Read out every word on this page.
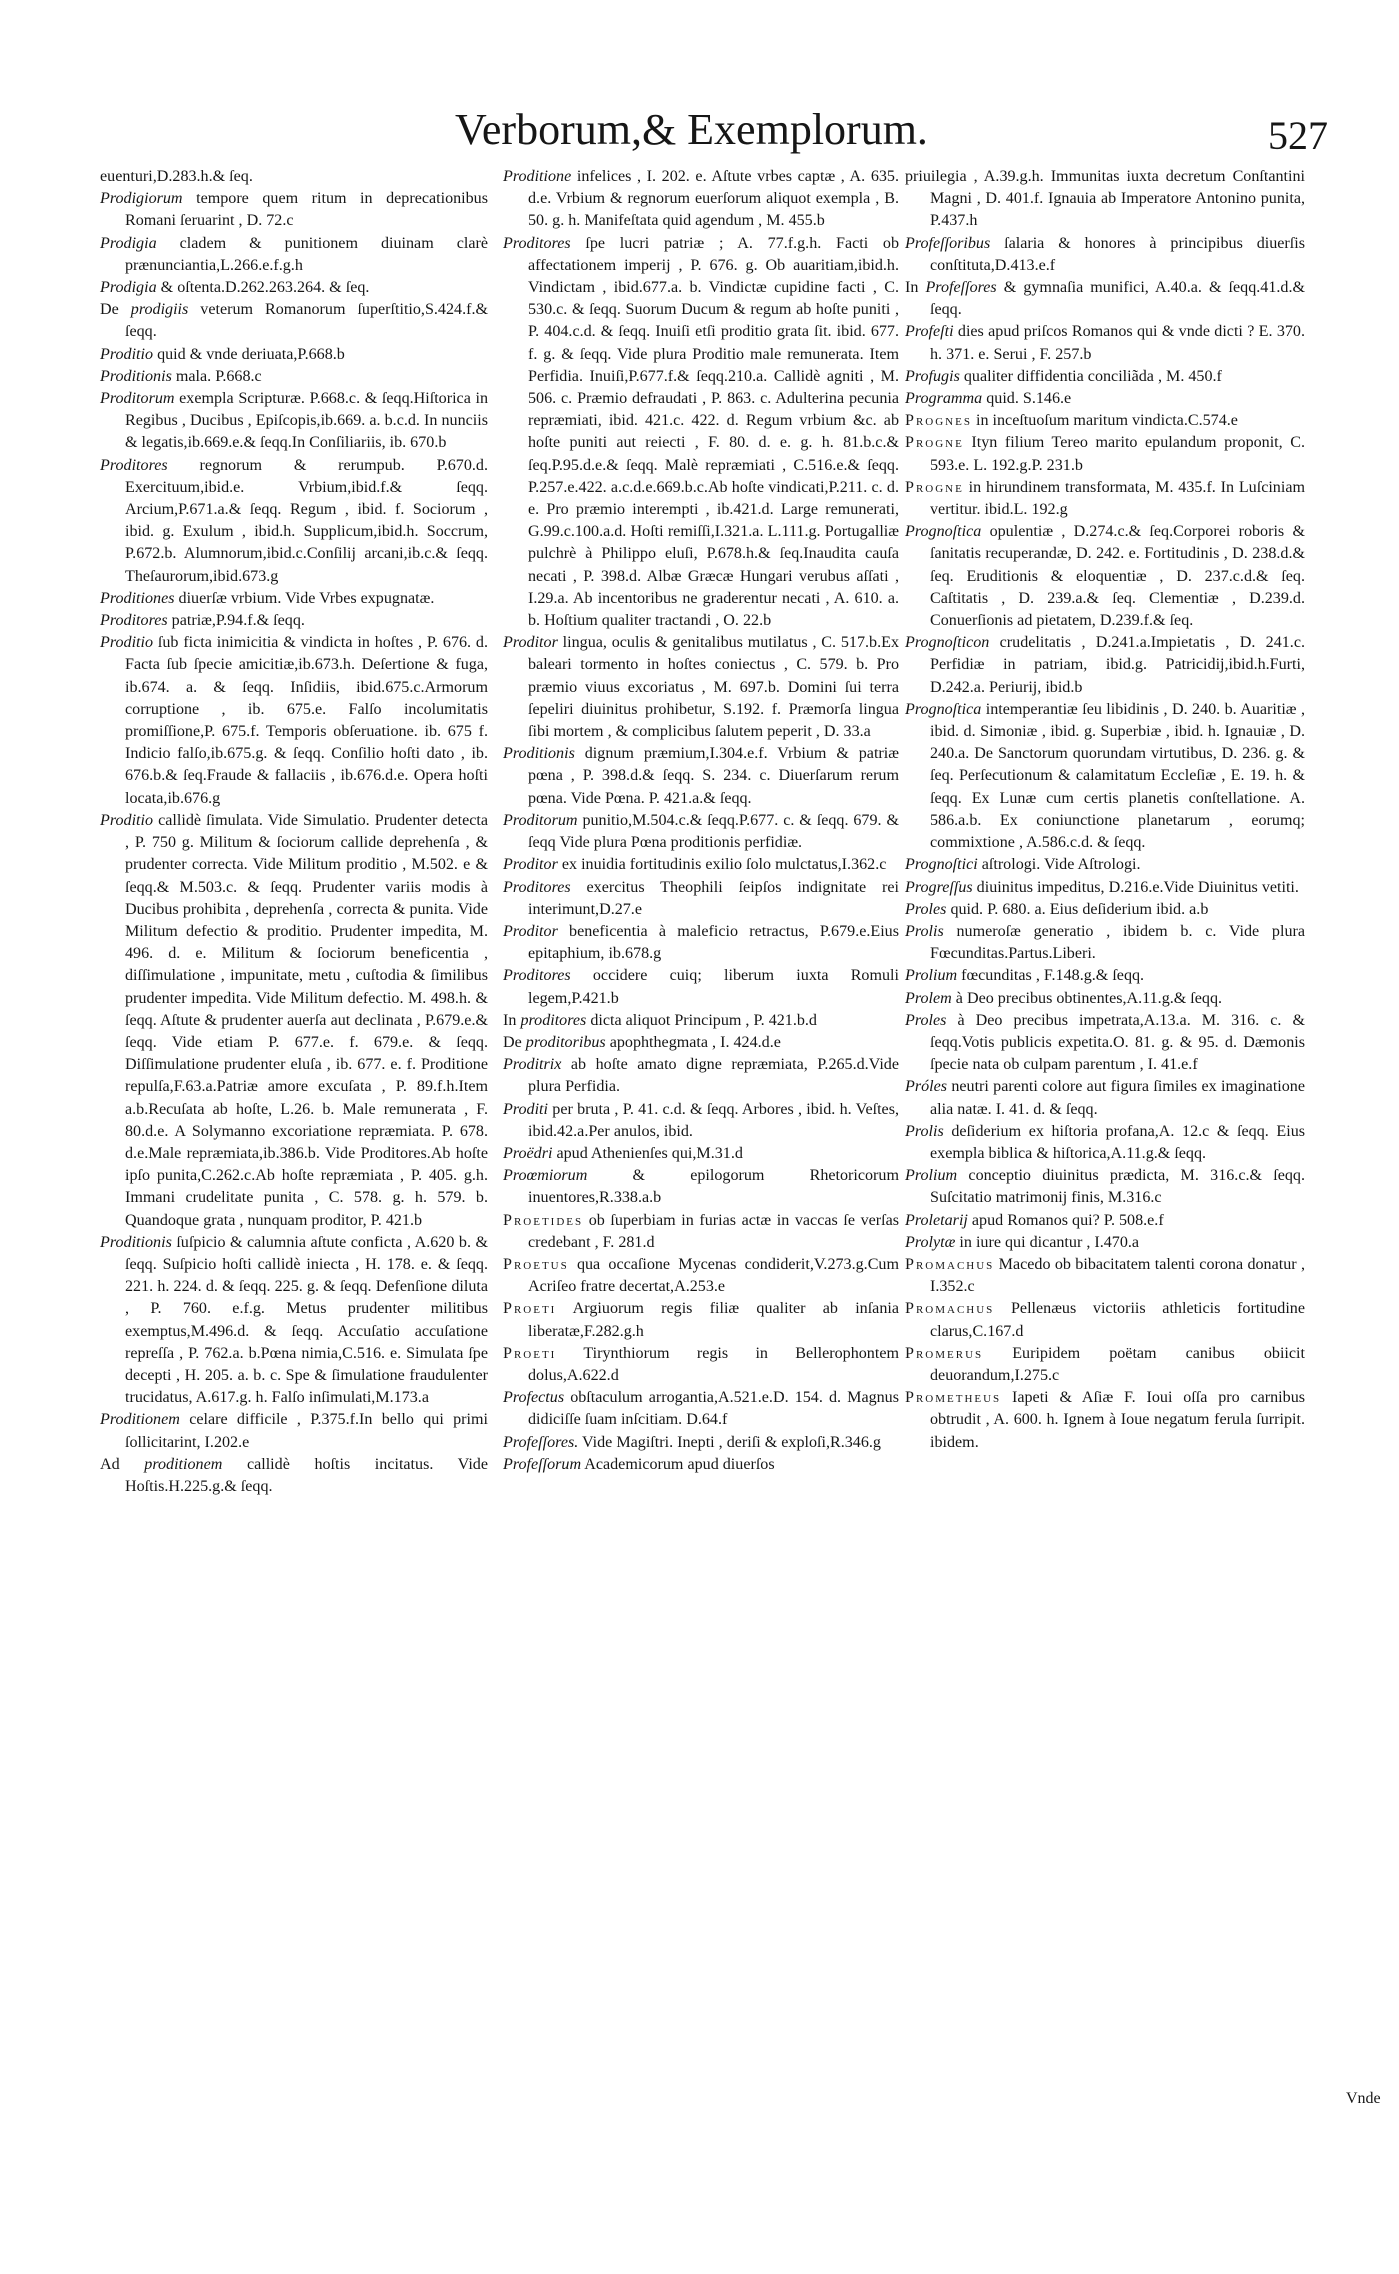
Verborum,& Exemplorum.	527

euenturi,D.283.h.& ſeq.

Prodigiorum tempore quem ritum in deprecationibus Romani ſeruarint , D. 72.c

Prodigia cladem & punitionem diuinam clarè prænunciantia,L.266.e.f.g.h

Prodigia & oſtenta.D.262.263.264. & ſeq.

De prodigiis veterum Romanorum ſuperſtitio,S.424.f.& ſeqq.

Proditio quid & vnde deriuata,P.668.b

Proditionis mala. P.668.c

Proditorum exempla Scripturæ. P.668.c. & ſeqq.Hiſtorica in Regibus , Ducibus , Epiſcopis,ib.669. a. b.c.d. In nunciis & legatis,ib.669.e.& ſeqq.In Conſiliariis, ib. 670.b

Proditores regnorum & rerumpub. P.670.d. Exercituum,ibid.e. Vrbium,ibid.f.& ſeqq. Arcium,P.671.a.& ſeqq. Regum , ibid. f. Sociorum , ibid. g. Exulum , ibid.h. Supplicum,ibid.h. Soccrum, P.672.b. Alumnorum,ibid.c.Conſilij arcani,ib.c.& ſeqq. Theſaurorum,ibid.673.g

Proditiones diuerſæ vrbium. Vide Vrbes expugnatæ.

Proditores patriæ,P.94.f.& ſeqq.

Proditio ſub ficta inimicitia & vindicta in hoſtes , P. 676. d. Facta ſub ſpecie amicitiæ,ib.673.h. Deſertione & fuga, ib.674. a. & ſeqq. Inſidiis, ibid.675.c.Armorum corruptione , ib. 675.e. Falſo incolumitatis promiſſione,P. 675.f. Temporis obſeruatione. ib. 675 f. Indicio falſo,ib.675.g. & ſeqq. Conſilio hoſti dato , ib. 676.b.& ſeq.Fraude & fallaciis , ib.676.d.e. Opera hoſti locata,ib.676.g

Proditio callidè ſimulata. Vide Simulatio. Prudenter detecta , P. 750 g. Militum & ſociorum callide deprehenſa , & prudenter correcta. Vide Militum proditio , M.502. e & ſeqq.& M.503.c. & ſeqq. Prudenter variis modis à Ducibus prohibita , deprehenſa , correcta & punita. Vide Militum defectio & proditio. Prudenter impedita, M. 496. d. e. Militum & ſociorum beneficentia , diſſimulatione , impunitate, metu , cuſtodia & ſimilibus prudenter impedita. Vide Militum defectio. M. 498.h. & ſeqq. Aſtute & prudenter auerſa aut declinata , P.679.e.& ſeqq. Vide etiam P. 677.e. f. 679.e. & ſeqq. Diſſimulatione prudenter eluſa , ib. 677. e. f. Proditione repulſa,F.63.a.Patriæ amore excuſata , P. 89.f.h.Item a.b.Recuſata ab hoſte, L.26. b. Male remunerata , F. 80.d.e. A Solymanno excoriatione repræmiata. P. 678. d.e.Male repræmiata,ib.386.b. Vide Proditores.Ab hoſte ipſo punita,C.262.c.Ab hoſte repræmiata , P. 405. g.h. Immani crudelitate punita , C. 578. g. h. 579. b. Quandoque grata , nunquam proditor, P. 421.b

Proditionis ſuſpicio & calumnia aſtute conficta , A.620 b. & ſeqq. Suſpicio hoſti callidè iniecta , H. 178. e. & ſeqq. 221. h. 224. d. & ſeqq. 225. g. & ſeqq. Defenſione diluta , P. 760. e.f.g. Metus prudenter militibus exemptus,M.496.d. & ſeqq. Accuſatio accuſatione repreſſa , P. 762.a. b.Pœna nimia,C.516. e. Simulata ſpe decepti , H. 205. a. b. c. Spe & ſimulatione fraudulenter trucidatus, A.617.g. h. Falſo inſimulati,M.173.a

Proditionem celare difficile , P.375.f.In bello qui primi ſollicitarint, I.202.e

Ad proditionem callidè hoſtis incitatus. Vide Hoſtis.H.225.g.& ſeqq.

Proditione infelices , I. 202. e. Aſtute vrbes captæ , A. 635. d.e. Vrbium & regnorum euerſorum aliquot exempla , B. 50. g. h. Manifeſtata quid agendum , M. 455.b

Proditores ſpe lucri patriæ ; A. 77.f.g.h. Facti ob affectationem imperij , P. 676. g. Ob auaritiam,ibid.h. Vindictam , ibid.677.a. b. Vindictæ cupidine facti , C. 530.c. & ſeqq. Suorum Ducum & regum ab hoſte puniti , P. 404.c.d. & ſeqq. Inuiſi etſi proditio grata ſit. ibid. 677. f. g. & ſeqq. Vide plura Proditio male remunerata. Item Perfidia. Inuiſi,P.677.f.& ſeqq.210.a. Callidè agniti , M. 506. c. Præmio defraudati , P. 863. c. Adulterina pecunia repræmiati, ibid. 421.c. 422. d. Regum vrbium &c. ab hoſte puniti aut reiecti , F. 80. d. e. g. h. 81.b.c.& ſeq.P.95.d.e.& ſeqq. Malè repræmiati , C.516.e.& ſeqq. P.257.e.422. a.c.d.e.669.b.c.Ab hoſte vindicati,P.211. c. d. e. Pro præmio interempti , ib.421.d. Large remunerati, G.99.c.100.a.d. Hoſti remiſſi,I.321.a. L.111.g. Portugalliæ pulchrè à Philippo eluſi, P.678.h.& ſeq.Inaudita cauſa necati , P. 398.d. Albæ Græcæ Hungari verubus aſſati , I.29.a. Ab incentoribus ne graderentur necati , A. 610. a. b. Hoſtium qualiter tractandi , O. 22.b

Proditor lingua, oculis & genitalibus mutilatus , C. 517.b.Ex baleari tormento in hoſtes coniectus , C. 579. b. Pro præmio viuus excoriatus , M. 697.b. Domini ſui terra ſepeliri diuinitus prohibetur, S.192. f. Præmorſa lingua ſibi mortem , & complicibus ſalutem peperit , D. 33.a

Proditionis dignum præmium,I.304.e.f. Vrbium & patriæ pœna , P. 398.d.& ſeqq. S. 234. c. Diuerſarum rerum pœna. Vide Pœna. P. 421.a.& ſeqq.

Proditorum punitio,M.504.c.& ſeqq.P.677. c. & ſeqq. 679. & ſeqq Vide plura Pœna proditionis perfidiæ.

Proditor ex inuidia fortitudinis exilio ſolo mulctatus,I.362.c

Proditores exercitus Theophili ſeipſos indignitate rei interimunt,D.27.e

Proditor beneficentia à maleficio retractus, P.679.e.Eius epitaphium, ib.678.g

Proditores occidere cuiq; liberum iuxta Romuli legem,P.421.b

In proditores dicta aliquot Principum , P. 421.b.d

De proditoribus apophthegmata , I. 424.d.e

Proditrix ab hoſte amato digne repræmiata, P.265.d.Vide plura Perfidia.

Proditi per bruta , P. 41. c.d. & ſeqq. Arbores , ibid. h. Veſtes, ibid.42.a.Per anulos, ibid.

Proëdri apud Athenienſes qui,M.31.d

Proœmiorum & epilogorum Rhetoricorum inuentores,R.338.a.b

Proetides ob ſuperbiam in furias actæ in vaccas ſe verſas credebant , F. 281.d

Proetus qua occaſione Mycenas condiderit,V.273.g.Cum Acriſeo fratre decertat,A.253.e

Proeti Argiuorum regis filiæ qualiter ab inſania liberatæ,F.282.g.h

Proeti Tirynthiorum regis in Bellerophontem dolus,A.622.d

Profectus obſtaculum arrogantia,A.521.e.D. 154. d. Magnus didiciſſe ſuam inſcitiam. D.64.f

Profeſſores. Vide Magiſtri. Inepti , deriſi & exploſi,R.346.g

Profeſſorum Academicorum apud diuerſos

priuilegia , A.39.g.h. Immunitas iuxta decretum Conſtantini Magni , D. 401.f. Ignauia ab Imperatore Antonino punita, P.437.h

Profeſſoribus ſalaria & honores à principibus diuerſis conſtituta,D.413.e.f

In Profeſſores & gymnaſia munifici, A.40.a. & ſeqq.41.d.& ſeqq.

Profeſti dies apud priſcos Romanos qui & vnde dicti ? E. 370. h. 371. e. Serui , F. 257.b

Profugis qualiter diffidentia conciliãda , M. 450.f

Programma quid. S.146.e

Prognes in inceſtuoſum maritum vindicta.C.574.e

Progne Ityn filium Tereo marito epulandum proponit, C. 593.e. L. 192.g.P. 231.b

Progne in hirundinem transformata, M. 435.f. In Luſciniam vertitur. ibid.L. 192.g

Prognoſtica opulentiæ , D.274.c.& ſeq.Corporei roboris & ſanitatis recuperandæ, D. 242. e. Fortitudinis , D. 238.d.& ſeq. Eruditionis & eloquentiæ , D. 237.c.d.& ſeq. Caſtitatis , D. 239.a.& ſeq. Clementiæ , D.239.d. Conuerſionis ad pietatem, D.239.f.& ſeq.

Prognoſticon crudelitatis , D.241.a.Impietatis , D. 241.c. Perfidiæ in patriam, ibid.g. Patricidij,ibid.h.Furti, D.242.a. Periurij, ibid.b

Prognoſtica intemperantiæ ſeu libidinis , D. 240. b. Auaritiæ , ibid. d. Simoniæ , ibid. g. Superbiæ , ibid. h. Ignauiæ , D. 240.a. De Sanctorum quorundam virtutibus, D. 236. g. & ſeq. Perſecutionum & calamitatum Eccleſiæ , E. 19. h. & ſeqq. Ex Lunæ cum certis planetis conſtellatione. A. 586.a.b. Ex coniunctione planetarum , eorumq; commixtione , A.586.c.d. & ſeqq.

Prognoſtici aſtrologi. Vide Aſtrologi.

Progreſſus diuinitus impeditus, D.216.e.Vide Diuinitus vetiti.

Proles quid. P. 680. a. Eius deſiderium ibid. a.b

Prolis numeroſæ generatio , ibidem b. c. Vide plura Fœcunditas.Partus.Liberi.

Prolium fœcunditas , F.148.g.& ſeqq.

Prolem à Deo precibus obtinentes,A.11.g.& ſeqq.

Proles à Deo precibus impetrata,A.13.a. M. 316. c. & ſeqq.Votis publicis expetita.O. 81. g. & 95. d. Dæmonis ſpecie nata ob culpam parentum , I. 41.e.f

Próles neutri parenti colore aut figura ſimiles ex imaginatione alia natæ. I. 41. d. & ſeqq.

Prolis deſiderium ex hiſtoria profana,A. 12.c & ſeqq. Eius exempla biblica & hiſtorica,A.11.g.& ſeqq.

Prolium conceptio diuinitus prædicta, M. 316.c.& ſeqq. Suſcitatio matrimonij finis, M.316.c

Proletarij apud Romanos qui? P. 508.e.f

Prolytæ in iure qui dicantur , I.470.a

Promachus Macedo ob bibacitatem talenti corona donatur , I.352.c

Promachus Pellenæus victoriis athleticis fortitudine clarus,C.167.d

Promerus Euripidem poëtam canibus obiicit deuorandum,I.275.c

Prometheus Iapeti & Aſiæ F. Ioui oſſa pro carnibus obtrudit , A. 600. h. Ignem à Ioue negatum ferula ſurripit. ibidem.

Vnde
